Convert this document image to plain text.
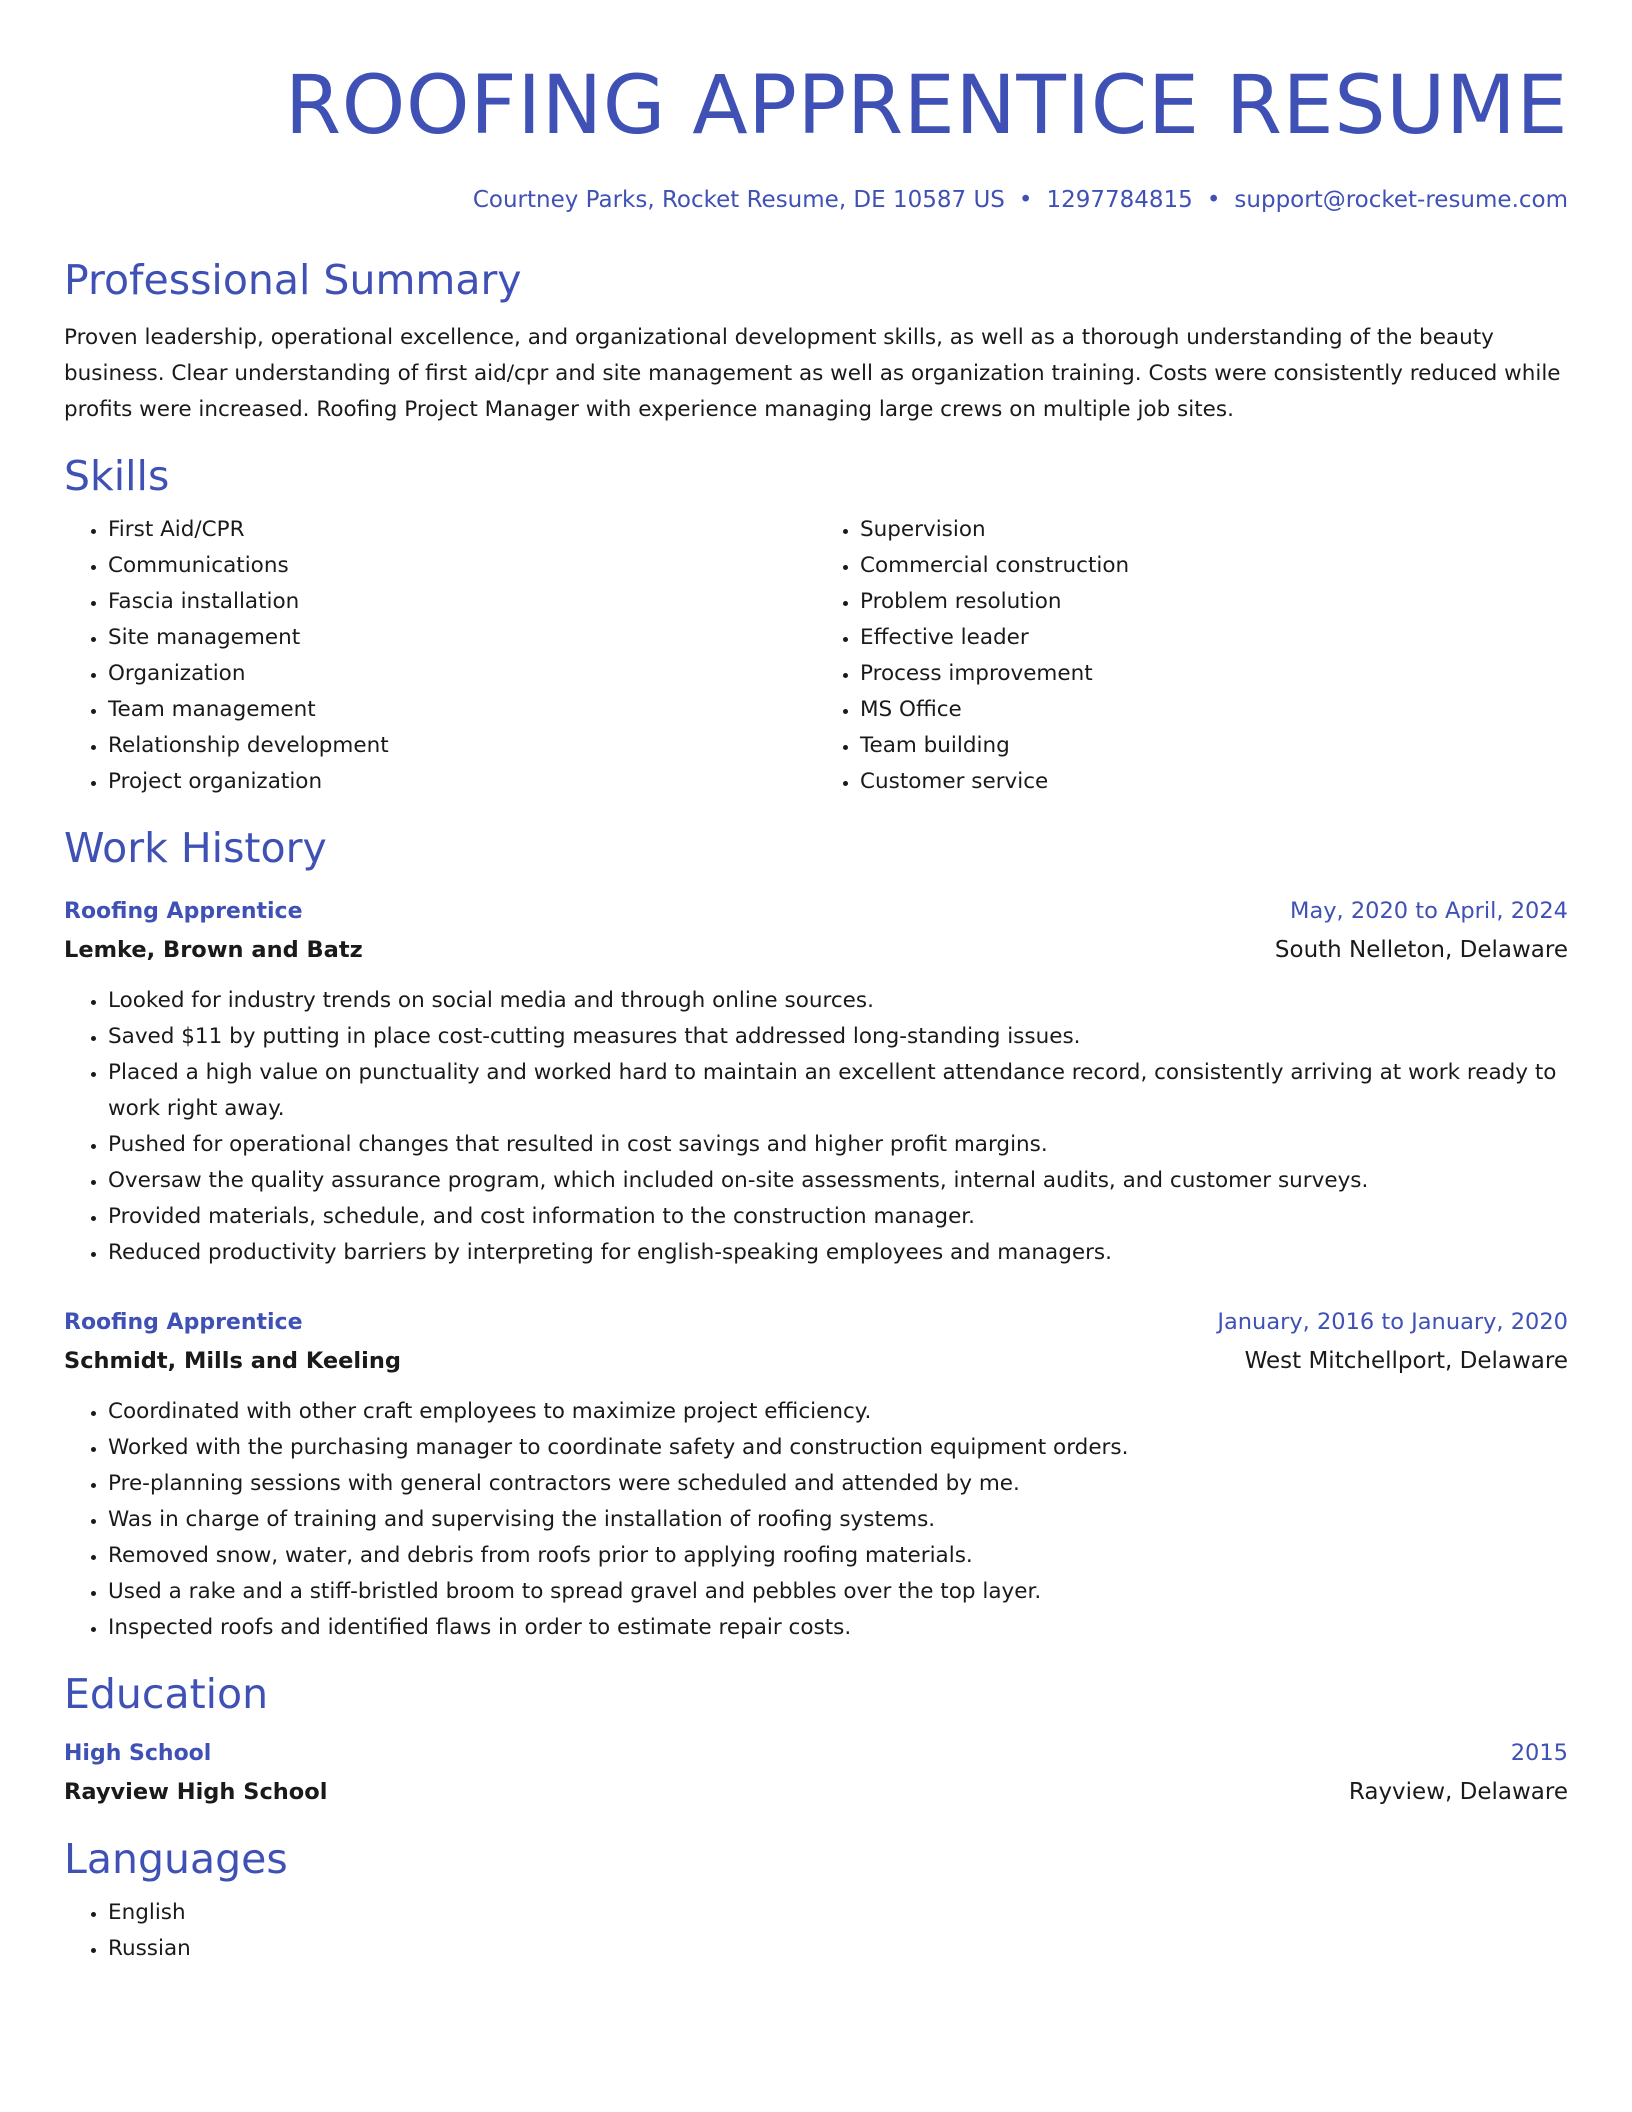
ROOFING APPRENTICE RESUME
Courtney Parks, Rocket Resume, DE 10587 US • 1297784815 • support@rocket-resume.com
Professional Summary

Proven leadership, operational excellence, and organizational development skills, as well as a thorough understanding of the beauty business. Clear understanding of first aid/cpr and site management as well as organization training. Costs were consistently reduced while profits were increased. Roofing Project Manager with experience managing large crews on multiple job sites.

Skills
• First Aid/CPR
• Communications
• Fascia installation
• Site management
• Organization
• Team management
• Relationship development
• Project organization
• Supervision
• Commercial construction
• Problem resolution
• Effective leader
• Process improvement
• MS Office
• Team building
• Customer service
Work History
Roofing Apprentice	May, 2020 to April, 2024
Lemke, Brown and Batz	South Nelleton, Delaware
• Looked for industry trends on social media and through online sources.
• Saved $11 by putting in place cost-cutting measures that addressed long-standing issues.
• Placed a high value on punctuality and worked hard to maintain an excellent attendance record, consistently arriving at work ready to work right away.
• Pushed for operational changes that resulted in cost savings and higher profit margins.
• Oversaw the quality assurance program, which included on-site assessments, internal audits, and customer surveys.
• Provided materials, schedule, and cost information to the construction manager.
• Reduced productivity barriers by interpreting for english-speaking employees and managers.
Roofing Apprentice	January, 2016 to January, 2020
Schmidt, Mills and Keeling	West Mitchellport, Delaware
• Coordinated with other craft employees to maximize project efficiency.
• Worked with the purchasing manager to coordinate safety and construction equipment orders.
• Pre-planning sessions with general contractors were scheduled and attended by me.
• Was in charge of training and supervising the installation of roofing systems.
• Removed snow, water, and debris from roofs prior to applying roofing materials.
• Used a rake and a stiff-bristled broom to spread gravel and pebbles over the top layer.
• Inspected roofs and identified flaws in order to estimate repair costs.
Education
High School	2015
Rayview High School	Rayview, Delaware
Languages
• English
• Russian
